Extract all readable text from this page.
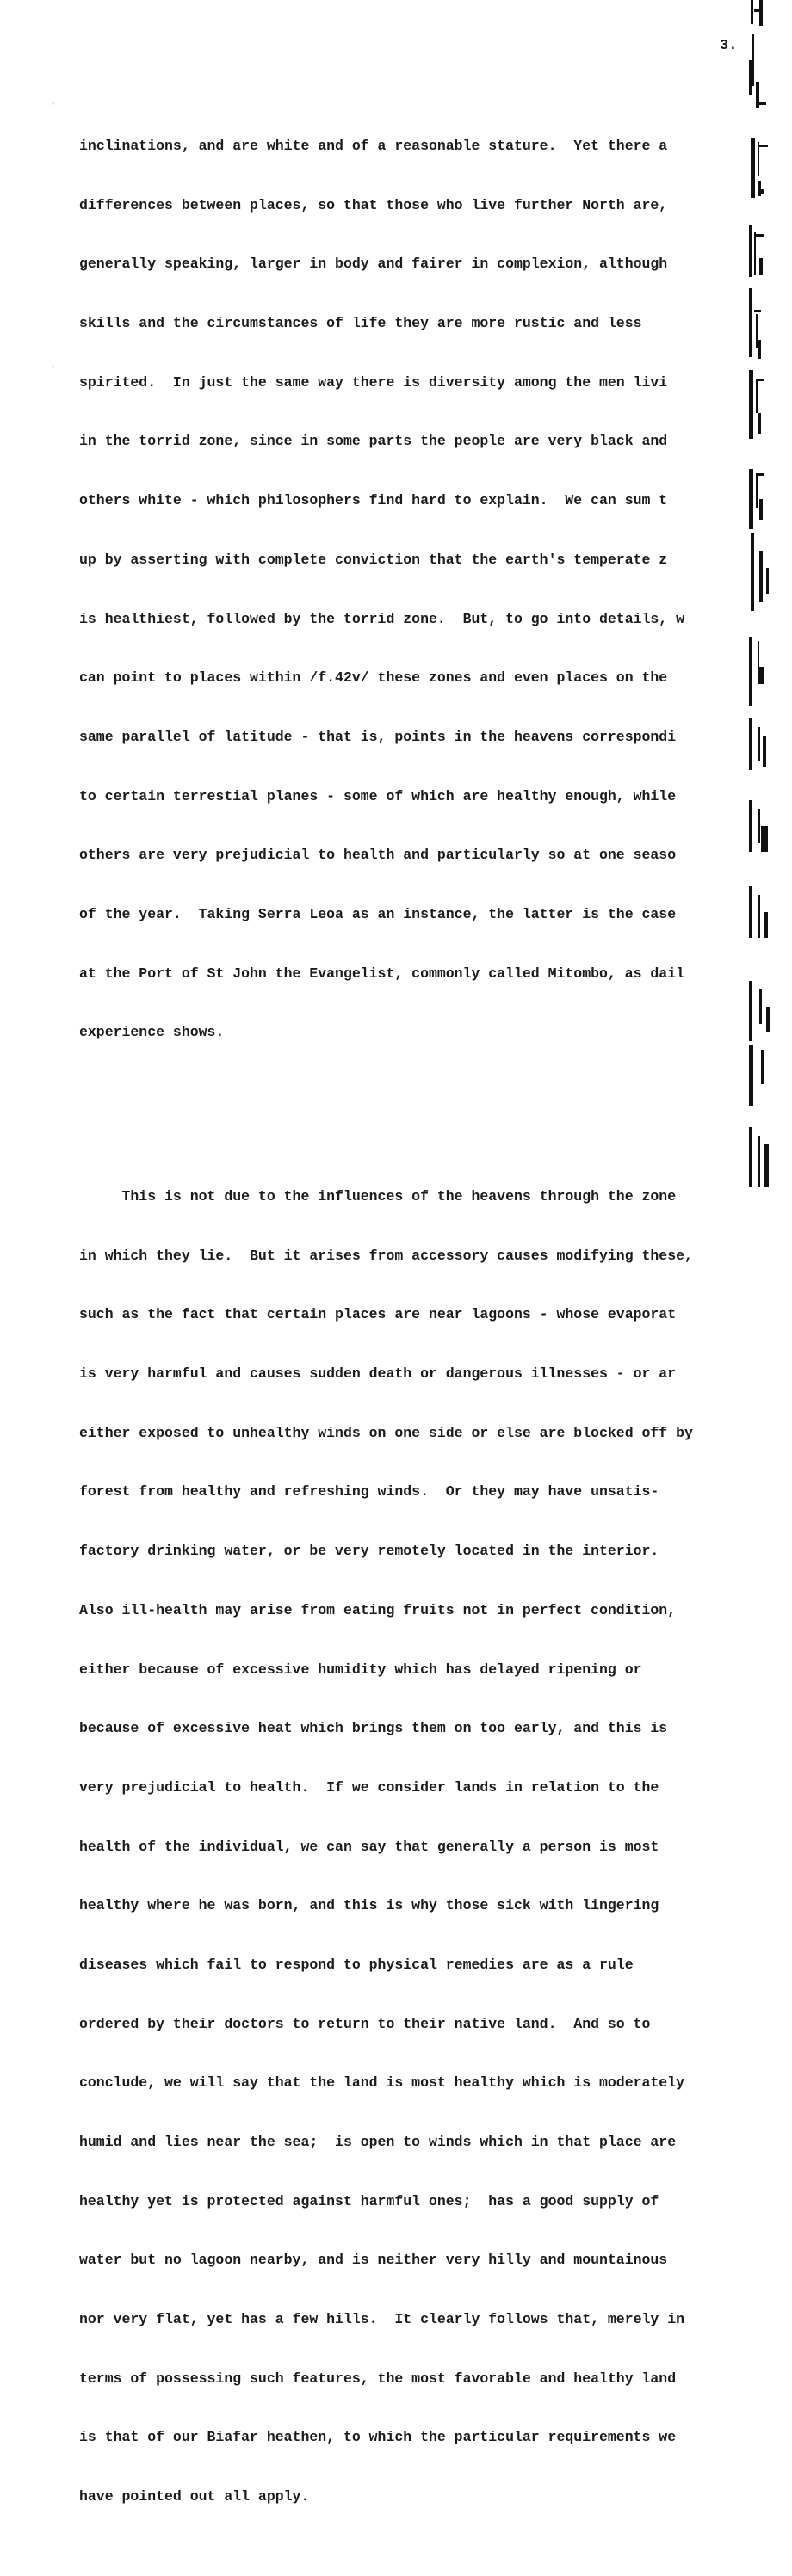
3.
·
·

inclinations, and are white and of a reasonable stature.  Yet there a

differences between places, so that those who live further North are,

generally speaking, larger in body and fairer in complexion, although

skills and the circumstances of life they are more rustic and less

spirited.  In just the same way there is diversity among the men livi

in the torrid zone, since in some parts the people are very black and

others white - which philosophers find hard to explain.  We can sum t

up by asserting with complete conviction that the earth's temperate z

is healthiest, followed by the torrid zone.  But, to go into details, w

can point to places within /f.42v/ these zones and even places on the

same parallel of latitude - that is, points in the heavens correspondi

to certain terrestial planes - some of which are healthy enough, while

others are very prejudicial to health and particularly so at one seaso

of the year.  Taking Serra Leoa as an instance, the latter is the case

at the Port of St John the Evangelist, commonly called Mitombo, as dail

experience shows.

This is not due to the influences of the heavens through the zone

in which they lie.  But it arises from accessory causes modifying these,

such as the fact that certain places are near lagoons - whose evaporat

is very harmful and causes sudden death or dangerous illnesses - or ar

either exposed to unhealthy winds on one side or else are blocked off by

forest from healthy and refreshing winds.  Or they may have unsatis-

factory drinking water, or be very remotely located in the interior.

Also ill-health may arise from eating fruits not in perfect condition,

either because of excessive humidity which has delayed ripening or

because of excessive heat which brings them on too early, and this is

very prejudicial to health.  If we consider lands in relation to the

health of the individual, we can say that generally a person is most

healthy where he was born, and this is why those sick with lingering

diseases which fail to respond to physical remedies are as a rule

ordered by their doctors to return to their native land.  And so to

conclude, we will say that the land is most healthy which is moderately

humid and lies near the sea;  is open to winds which in that place are

healthy yet is protected against harmful ones;  has a good supply of

water but no lagoon nearby, and is neither very hilly and mountainous

nor very flat, yet has a few hills.  It clearly follows that, merely in

terms of possessing such features, the most favorable and healthy land

is that of our Biafar heathen, to which the particular requirements we

have pointed out all apply.
